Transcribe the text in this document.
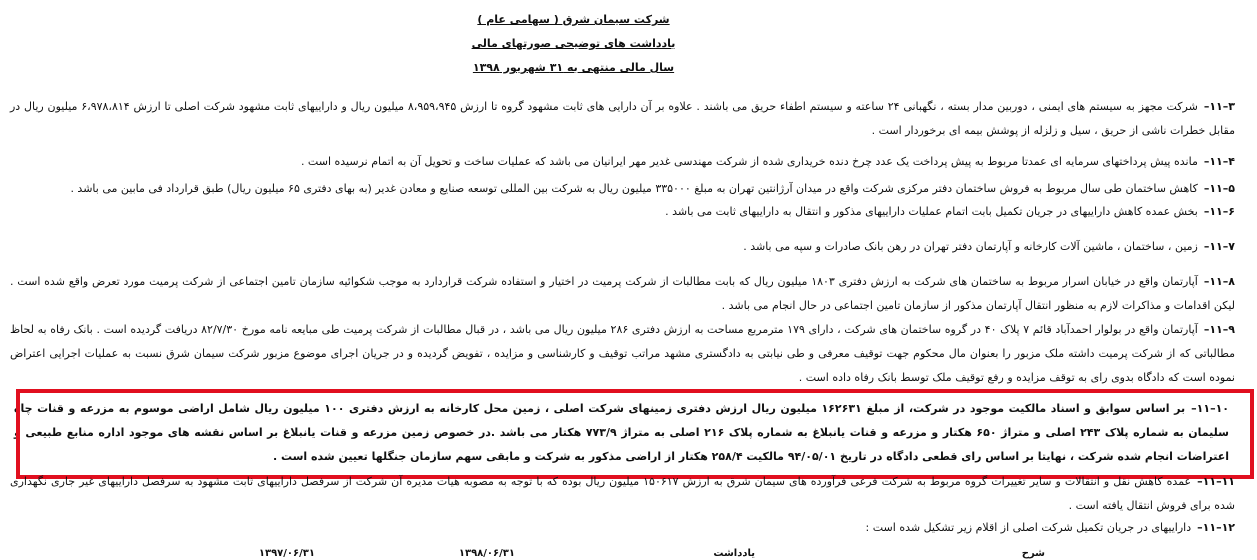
شرکت سیمان شرق ( سهامی عام )
یادداشت های توضیحی صورتهای مالی
سال مالی منتهی به ۳۱ شهریور ۱۳۹۸
۳–۱۱–شرکت مجهز به سیستم های ایمنی ، دوربین مدار بسته ، نگهبانی ۲۴ ساعته و سیستم اطفاء حریق می باشند . علاوه بر آن دارایی های ثابت مشهود گروه تا ارزش ۸،۹۵۹،۹۴۵ میلیون ریال و داراییهای ثابت مشهود شرکت اصلی تا ارزش ۶،۹۷۸،۸۱۴ میلیون ریال در مقابل خطرات ناشی از حریق ، سیل و زلزله از پوشش بیمه ای برخوردار است .
۴–۱۱–مانده پیش پرداختهای سرمایه ای عمدتا مربوط به پیش پرداخت یک عدد چرخ دنده خریداری شده از شرکت مهندسی غدیر مهر ایرانیان می باشد که عملیات ساخت و تحویل آن به اتمام نرسیده است .
۵–۱۱–کاهش ساختمان طی سال مربوط به فروش ساختمان دفتر مرکزی شرکت واقع در میدان آرژانتین تهران به مبلغ ۳۳۵۰۰۰ میلیون ریال به شرکت بین المللی توسعه صنایع و معادن غدیر (به بهای دفتری ۶۵ میلیون ریال) طبق قرارداد فی مابین می باشد .
۶–۱۱–بخش عمده کاهش داراییهای در جریان تکمیل بابت اتمام عملیات داراییهای مذکور و انتقال به داراییهای ثابت می باشد .
۷–۱۱–زمین ، ساختمان ، ماشین آلات کارخانه و آپارتمان دفتر تهران در رهن بانک صادرات و سپه می باشد .
۸–۱۱–آپارتمان واقع در خیابان اسرار مربوط به ساختمان های شرکت به ارزش دفتری ۱۸۰۳ میلیون ریال که بابت مطالبات از شرکت پرمیت در اختیار و استفاده شرکت قراردارد به موجب شکوائیه سازمان تامین اجتماعی از شرکت پرمیت مورد تعرض واقع شده است . لیکن اقدامات و مذاکرات لازم به منظور انتقال آپارتمان مذکور از سازمان تامین اجتماعی در حال انجام می باشد .
۹–۱۱–آپارتمان واقع در بولوار احمدآباد قائم ۷ پلاک ۴۰ در گروه ساختمان های شرکت ، دارای ۱۷۹ مترمربع مساحت به ارزش دفتری ۲۸۶ میلیون ریال می باشد ، در قبال مطالبات از شرکت پرمیت طی مبایعه نامه مورخ ۸۲/۷/۳۰ دریافت گردیده است . بانک رفاه به لحاظ مطالباتی که از شرکت پرمیت داشته ملک مزبور را بعنوان مال محکوم جهت توقیف معرفی و طی نیابتی به دادگستری مشهد مراتب توقیف و کارشناسی و مزایده ، تفویض گردیده و در جریان اجرای موضوع مزبور شرکت سیمان شرق نسبت به عملیات اجرایی اعتراض نموده است که دادگاه بدوی رای به توقف مزایده و رفع توقیف ملک توسط بانک رفاه داده است .
۱۰–۱۱–بر اساس سوابق و اسناد مالکیت موجود در شرکت، از مبلغ ۱۶۲۶۳۱ میلیون ریال ارزش دفتری زمینهای شرکت اصلی ، زمین محل کارخانه به ارزش دفتری ۱۰۰ میلیون ریال شامل اراضی موسوم به مزرعه و قنات چاه سلیمان به شماره پلاک ۲۴۳ اصلی و متراژ ۶۵۰ هکتار و مزرعه و قنات یانبلاغ به شماره پلاک ۲۱۶ اصلی به متراژ ۷۷۳/۹ هکتار می باشد .در خصوص زمین مزرعه و قنات یانبلاغ بر اساس نقشه های موجود اداره منابع طبیعی و اعتراضات انجام شده شرکت ، نهایتا بر اساس رای قطعی دادگاه در تاریخ ۹۴/۰۵/۰۱ مالکیت ۲۵۸/۴ هکتار از اراضی مذکور به شرکت و مابقی سهم سازمان جنگلها تعیین شده است .
۱۱–۱۱–عمده کاهش نقل و انتقالات و سایر تغییرات گروه مربوط به شرکت فرعی فرآورده های سیمان شرق به ارزش ۱۵۰۶۱۷ میلیون ریال بوده که با توجه به مصوبه هیات مدیره آن شرکت از سرفصل داراییهای ثابت مشهود به سرفصل داراییهای غیر جاری نگهداری شده برای فروش انتقال یافته است .
۱۲–۱۱–داراییهای در جریان تکمیل شرکت اصلی از اقلام زیر تشکیل شده است :
شرح
یادداشت
۱۳۹۸/۰۶/۳۱
۱۳۹۷/۰۶/۳۱
